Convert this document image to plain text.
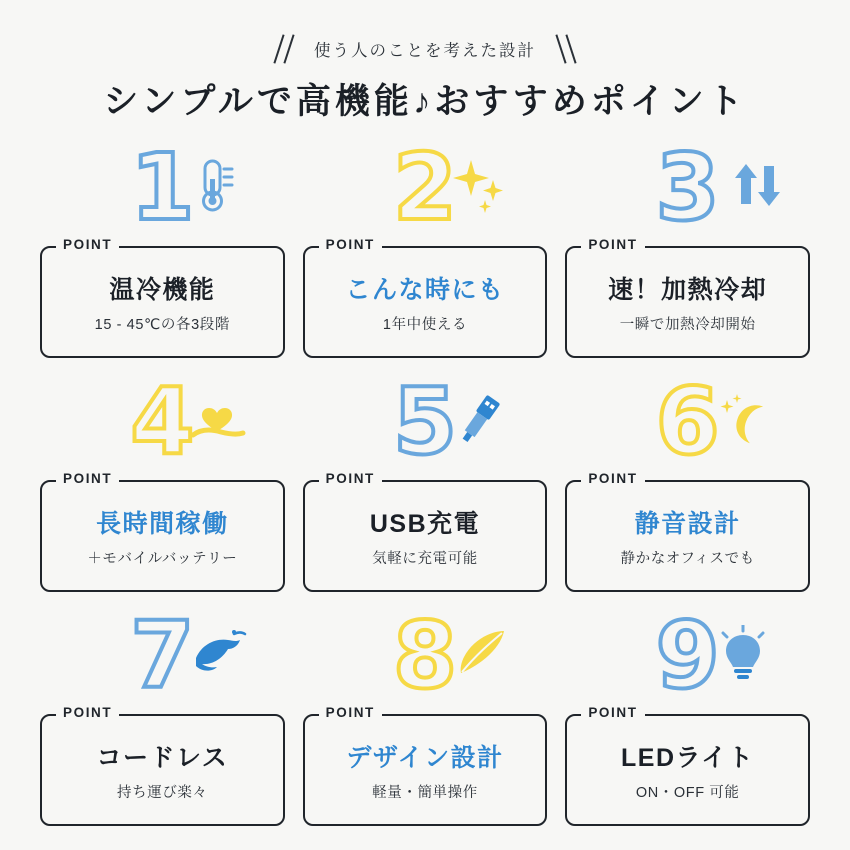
使う人のことを考えた設計
シンプルで高機能♪おすすめポイント
1
POINT
温冷機能
15 - 45℃の各3段階
2
POINT
こんな時にも
1年中使える
3
POINT
速！加熱冷却
一瞬で加熱冷却開始
4
POINT
長時間稼働
＋モバイルバッテリー
5
POINT
USB充電
気軽に充電可能
6
POINT
静音設計
静かなオフィスでも
7
POINT
コードレス
持ち運び楽々
8
POINT
デザイン設計
軽量・簡単操作
9
POINT
LEDライト
ON・OFF 可能
